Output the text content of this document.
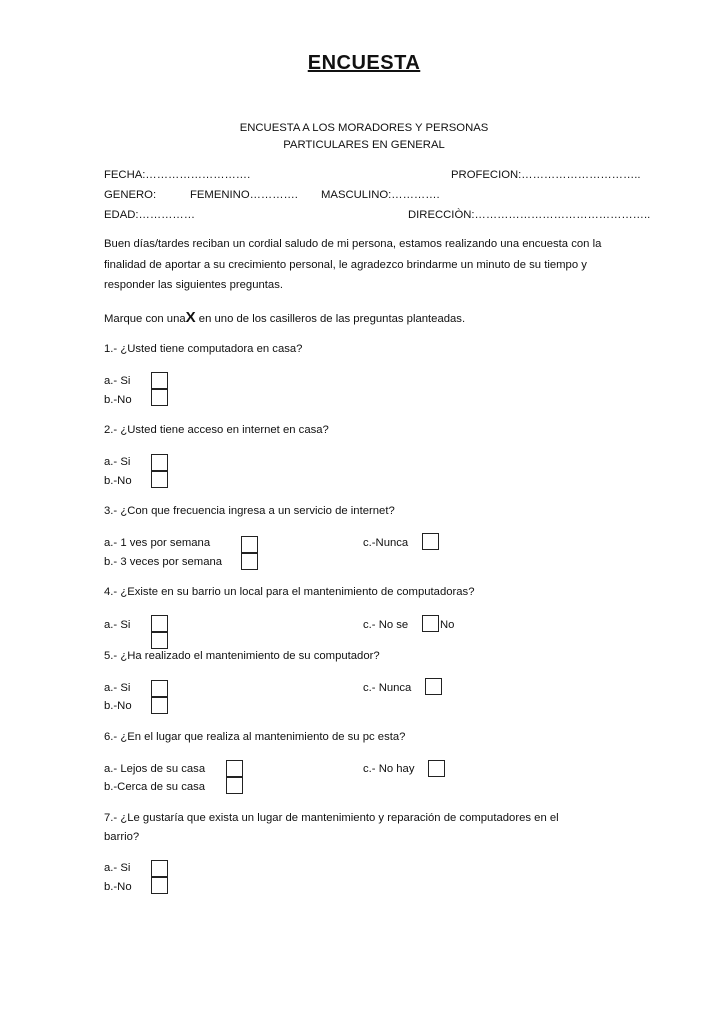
ENCUESTA
ENCUESTA A LOS MORADORES Y PERSONAS
PARTICULARES EN GENERAL
FECHA:……………………….	PROFECION:…………………………..
GENERO:	FEMENINO…………. MASCULINO:………….
EDAD:……………	DIRECCIÒN:………………………………………..
Buen días/tardes reciban un cordial saludo de mi persona, estamos realizando una encuesta con la finalidad de aportar a su crecimiento personal, le agradezco brindarme un minuto de su tiempo y responder las siguientes preguntas.
Marque con unaX en uno de los casilleros de las preguntas planteadas.
1.- ¿Usted tiene computadora en casa?
a.- Si
b.-No
2.- ¿Usted tiene acceso en internet en casa?
a.- Si
b.-No
3.- ¿Con que frecuencia ingresa a un servicio de internet?
a.- 1 ves por semana
b.- 3 veces por semana
c.-Nunca
4.- ¿Existe en su barrio un local para el mantenimiento de computadoras?
a.- Si	c.- No se	No
5.- ¿Ha realizado el mantenimiento de su computador?
a.- Si
b.-No
c.- Nunca
6.- ¿En el lugar que realiza al mantenimiento de su pc esta?
a.- Lejos de su casa
b.-Cerca de su casa
c.- No hay
7.- ¿Le gustaría que exista un lugar de mantenimiento y reparación de computadores en el
barrio?
a.- Si
b.-No
